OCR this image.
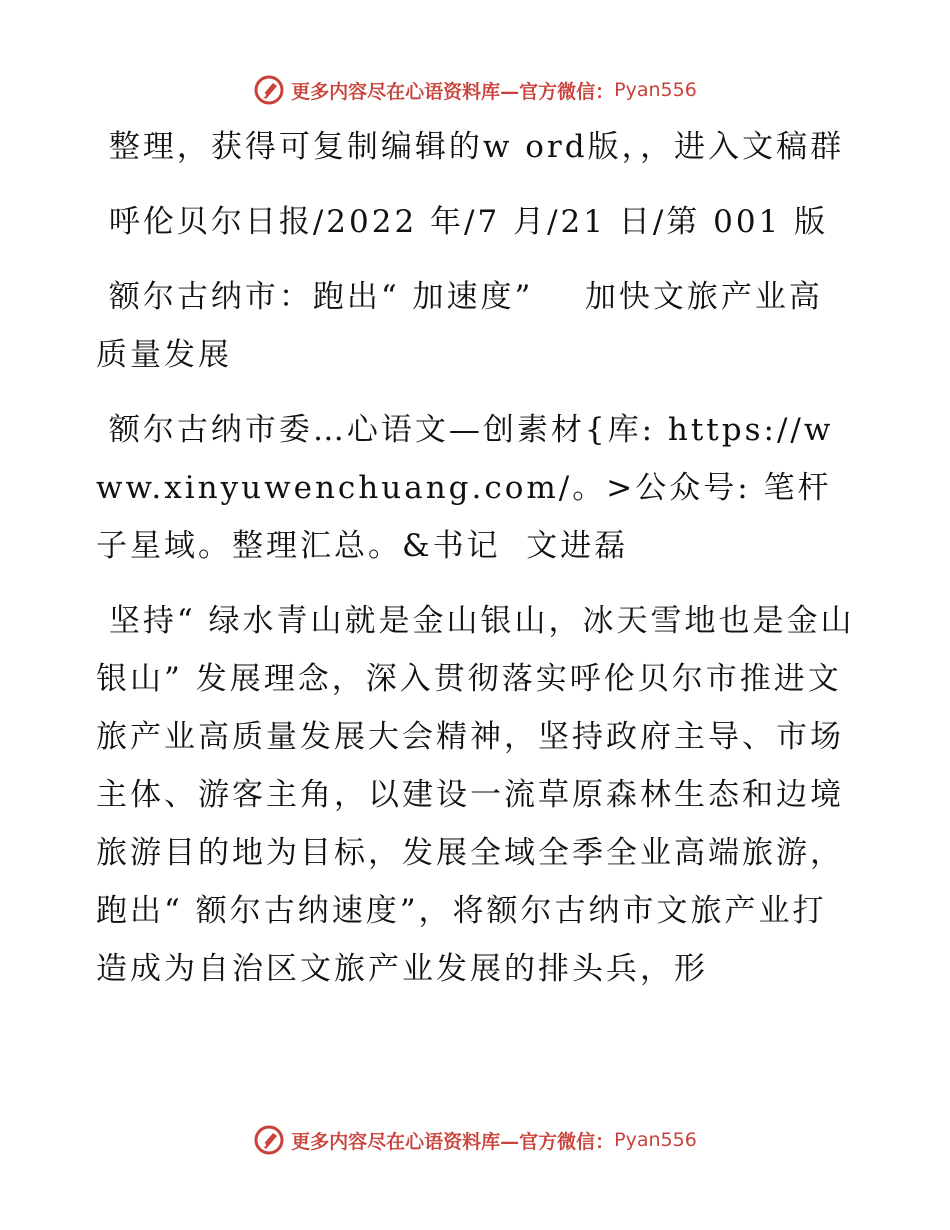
更多内容尽在心语资料库—官方微信： Pyan556

整理，获得可复制编辑的w ord版，，进入文稿群

呼伦贝尔日报/2022 年/7 月/21 日/第 001 版

额尔古纳市：跑出“ 加速度”    加快文旅产业高质量发展

额尔古纳市委…心语文—创素材{库: https://www.xinyuwenchuang.com/。>公众号: 笔杆子星域。整理汇总。&书记  文进磊

坚持“ 绿水青山就是金山银山，冰天雪地也是金山银山” 发展理念，深入贯彻落实呼伦贝尔市推进文旅产业高质量发展大会精神，坚持政府主导、市场主体、游客主角，以建设一流草原森林生态和边境旅游目的地为目标，发展全域全季全业高端旅游，跑出“ 额尔古纳速度”，将额尔古纳市文旅产业打造成为自治区文旅产业发展的排头兵，形

更多内容尽在心语资料库—官方微信： Pyan556
